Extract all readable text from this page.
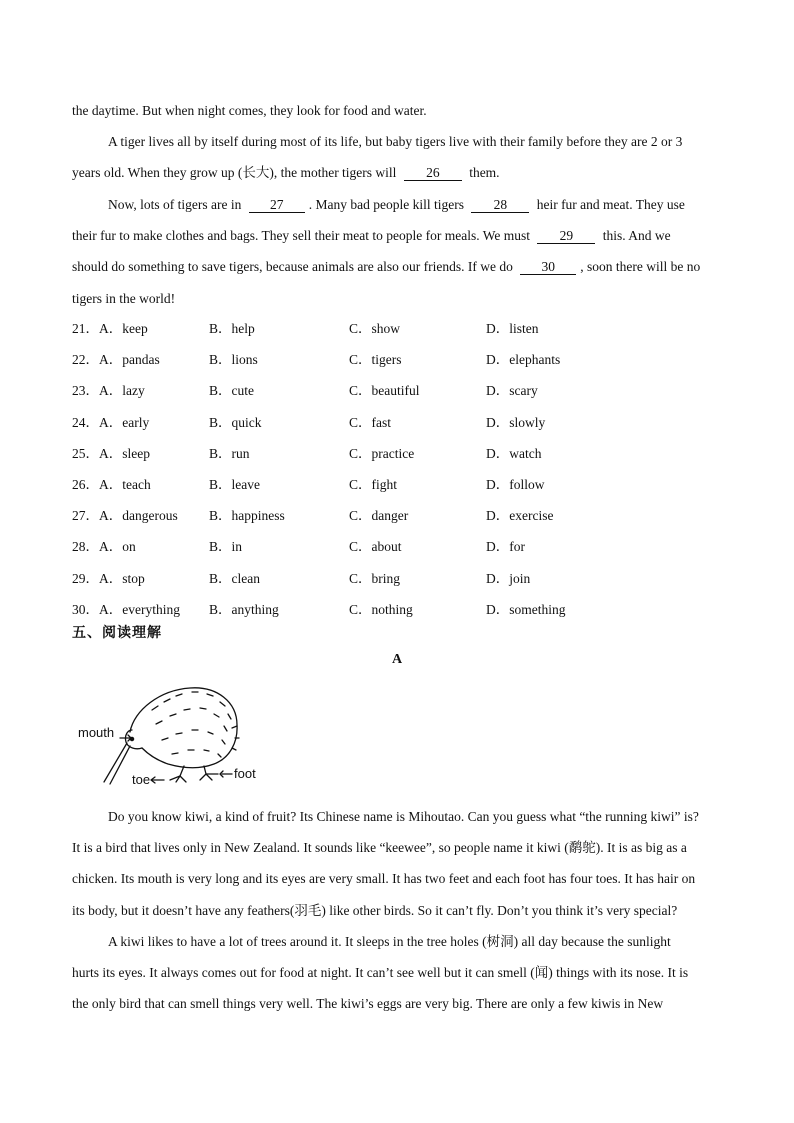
the daytime. But when night comes, they look for food and water.
A tiger lives all by itself during most of its life, but baby tigers live with their family before they are 2 or 3
years old. When they grow up (长大), the mother tigers will 26 them.
Now, lots of tigers are in 27 . Many bad people kill tigers 28 heir fur and meat. They use
their fur to make clothes and bags. They sell their meat to people for meals. We must 29 this. And we
should do something to save tigers, because animals are also our friends. If we do 30 , soon there will be no
tigers in the world!
21．A．keep	B．help	C．show	D．listen
22．A．pandas	B．lions	C．tigers	D．elephants
23．A．lazy	B．cute	C．beautiful	D．scary
24．A．early	B．quick	C．fast	D．slowly
25．A．sleep	B．run	C．practice	D．watch
26．A．teach	B．leave	C．fight	D．follow
27．A．dangerous B．happiness	C．danger	D．exercise
28．A．on	B．in	C．about	D．for
29．A．stop	B．clean	C．bring	D．join
30．A．everything B．anything	C．nothing	D．something
五、阅读理解
A
mouth
toe	foot
Do you know kiwi, a kind of fruit? Its Chinese name is Mihoutao. Can you guess what “the running kiwi” is?
It is a bird that lives only in New Zealand. It sounds like “keewee”, so people name it kiwi (鹬鸵). It is as big as a
chicken. Its mouth is very long and its eyes are very small. It has two feet and each foot has four toes. It has hair on
its body, but it doesn’t have any feathers(羽毛) like other birds. So it can’t fly. Don’t you think it’s very special?
A kiwi likes to have a lot of trees around it. It sleeps in the tree holes (树洞) all day because the sunlight
hurts its eyes. It always comes out for food at night. It can’t see well but it can smell (闻) things with its nose. It is
the only bird that can smell things very well. The kiwi’s eggs are very big. There are only a few kiwis in New
